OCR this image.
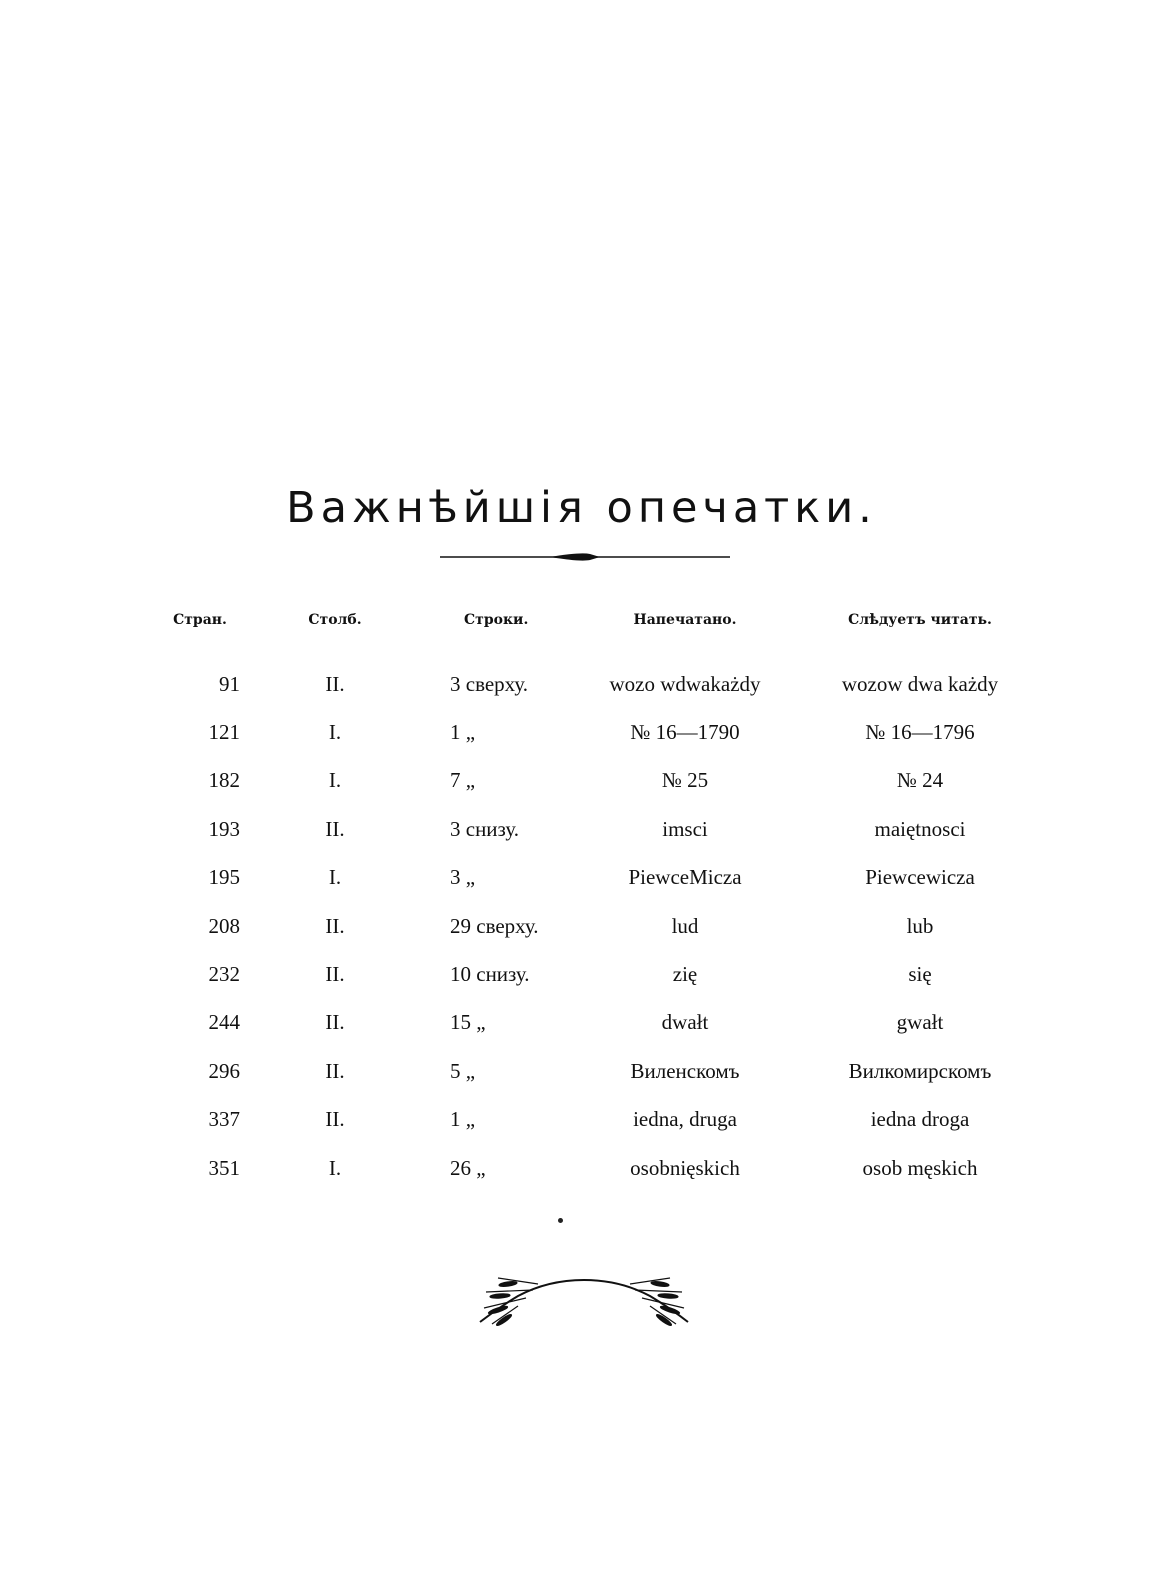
Важнѣйшія опечатки.
Стран.	Столб.	Строки.	Напечатано.	Слѣдуетъ читать.
91	II.	3 сверху.	wozo wdwakażdy	wozow dwa każdy
121	I.	1 „	№ 16—1790	№ 16—1796
182	I.	7 „	№ 25	№ 24
193	II.	3 снизу.	imsci	maiętnosci
195	I.	3 „	PiewceMicza	Piewcewicza
208	II.	29 сверху.	lud	lub
232	II.	10 снизу.	zię	się
244	II.	15 „	dwałt	gwałt
296	II.	5 „	Виленскомъ	Вилкомирскомъ
337	II.	1 „	iedna, druga	iedna droga
351	I.	26 „	osobnięskich	osob męskich
